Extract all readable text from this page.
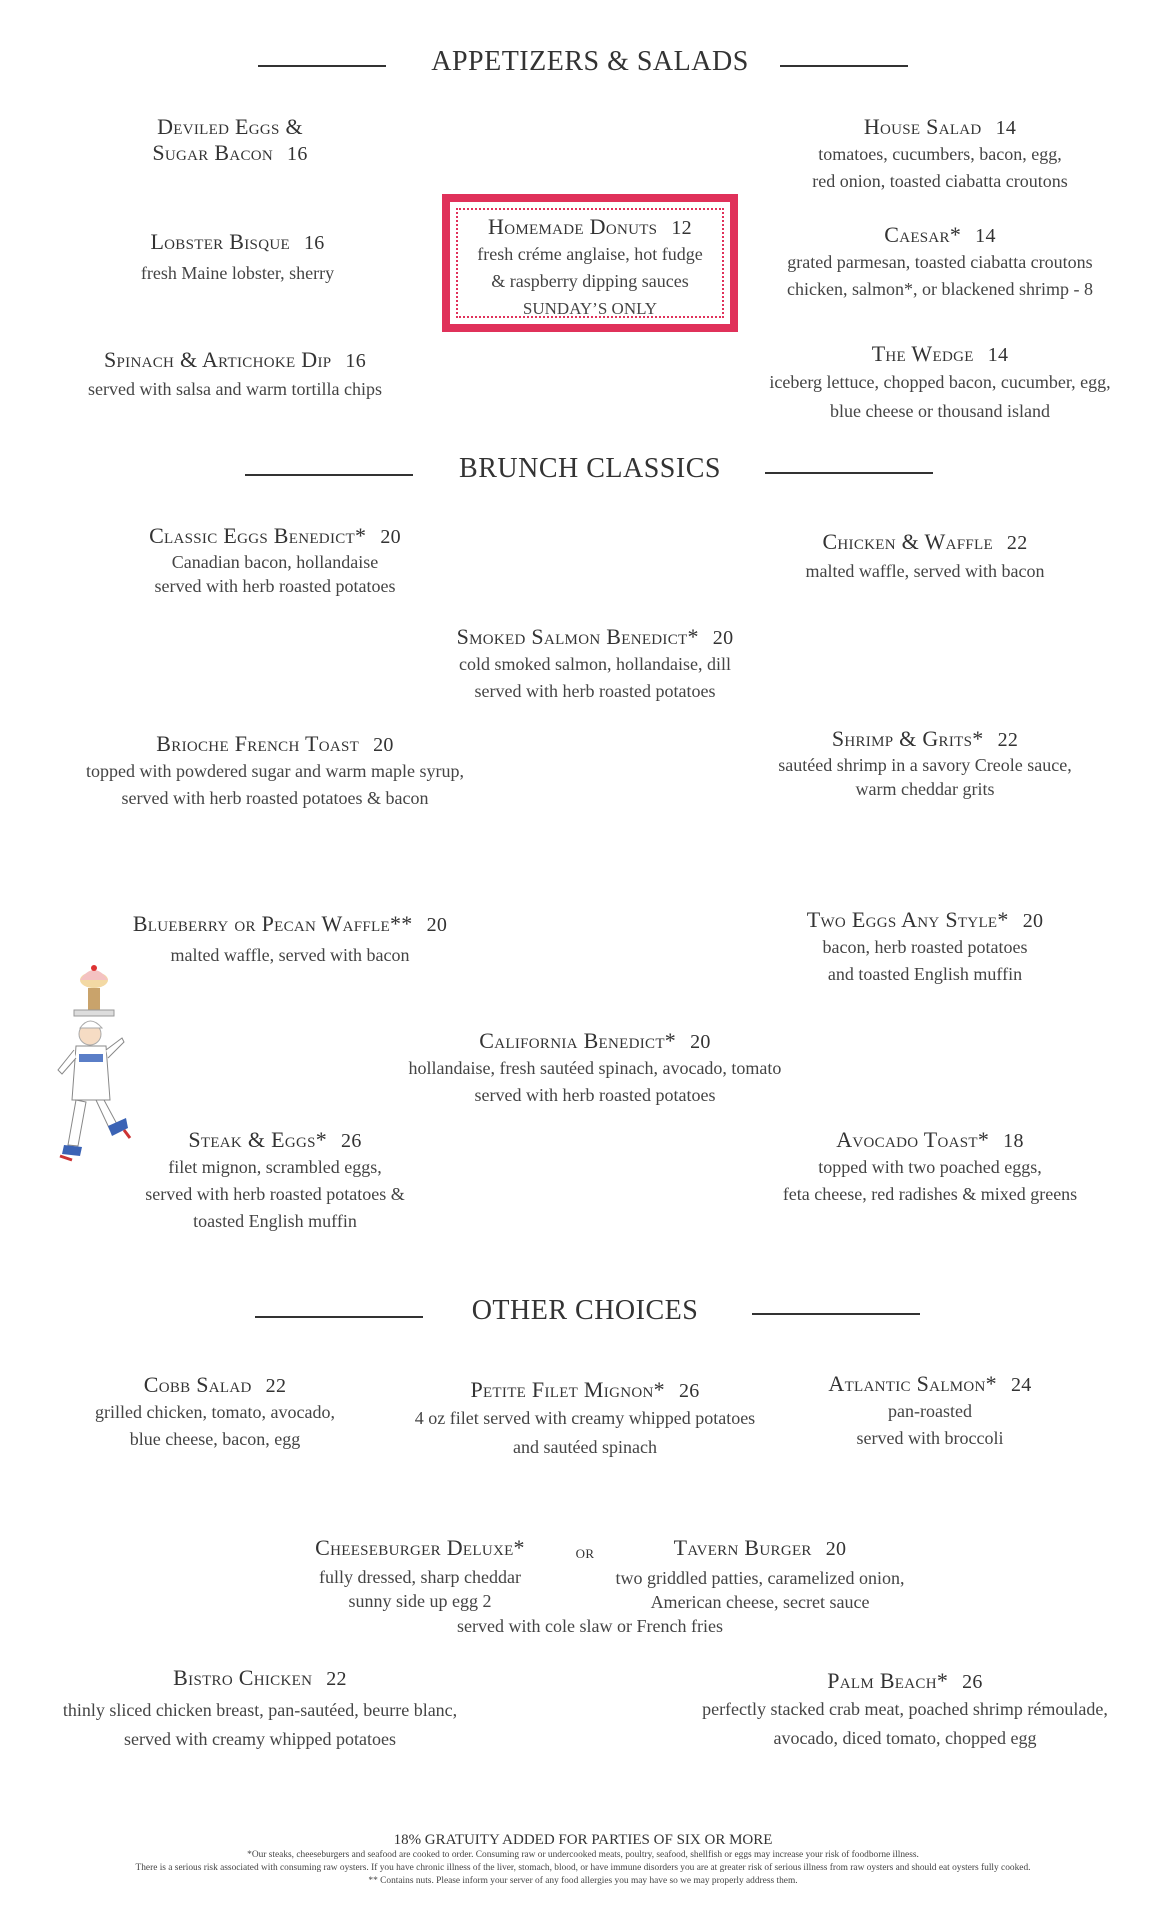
APPETIZERS & SALADS
Deviled Eggs &
Sugar Bacon 16
Lobster Bisque 16
fresh Maine lobster, sherry
Spinach & Artichoke Dip 16
served with salsa and warm tortilla chips
Homemade Donuts 12
fresh créme anglaise, hot fudge
& raspberry dipping sauces
SUNDAY’S ONLY
House Salad 14
tomatoes, cucumbers, bacon, egg,
red onion, toasted ciabatta croutons
Caesar* 14
grated parmesan, toasted ciabatta croutons
chicken, salmon*, or blackened shrimp - 8
The Wedge 14
iceberg lettuce, chopped bacon, cucumber, egg,
blue cheese or thousand island
BRUNCH CLASSICS
Classic Eggs Benedict* 20
Canadian bacon, hollandaise
served with herb roasted potatoes
Chicken & Waffle 22
malted waffle, served with bacon
Smoked Salmon Benedict* 20
cold smoked salmon, hollandaise, dill
served with herb roasted potatoes
Brioche French Toast 20
topped with powdered sugar and warm maple syrup,
served with herb roasted potatoes & bacon
Shrimp & Grits* 22
sautéed shrimp in a savory Creole sauce,
warm cheddar grits
Blueberry or Pecan Waffle** 20
malted waffle, served with bacon
Two Eggs Any Style* 20
bacon, herb roasted potatoes
and toasted English muffin
California Benedict* 20
hollandaise, fresh sautéed spinach, avocado, tomato
served with herb roasted potatoes
Steak & Eggs* 26
filet mignon, scrambled eggs,
served with herb roasted potatoes &
toasted English muffin
Avocado Toast* 18
topped with two poached eggs,
feta cheese, red radishes & mixed greens
OTHER CHOICES
Cobb Salad 22
grilled chicken, tomato, avocado,
blue cheese, bacon, egg
Petite Filet Mignon* 26
4 oz filet served with creamy whipped potatoes
and sautéed spinach
Atlantic Salmon* 24
pan-roasted
served with broccoli
Cheeseburger Deluxe*
fully dressed, sharp cheddar
sunny side up egg 2
or	Tavern Burger 20
two griddled patties, caramelized onion,
American cheese, secret sauce
served with cole slaw or French fries
Bistro Chicken 22
thinly sliced chicken breast, pan-sautéed, beurre blanc,
served with creamy whipped potatoes
Palm Beach* 26
perfectly stacked crab meat, poached shrimp rémoulade,
avocado, diced tomato, chopped egg
18% GRATUITY ADDED FOR PARTIES OF SIX OR MORE
*Our steaks, cheeseburgers and seafood are cooked to order. Consuming raw or undercooked meats, poultry, seafood, shellfish or eggs may increase your risk of foodborne illness.
There is a serious risk associated with consuming raw oysters. If you have chronic illness of the liver, stomach, blood, or have immune disorders you are at greater risk of serious illness from raw oysters and should eat oysters fully cooked.
** Contains nuts. Please inform your server of any food allergies you may have so we may properly address them.
